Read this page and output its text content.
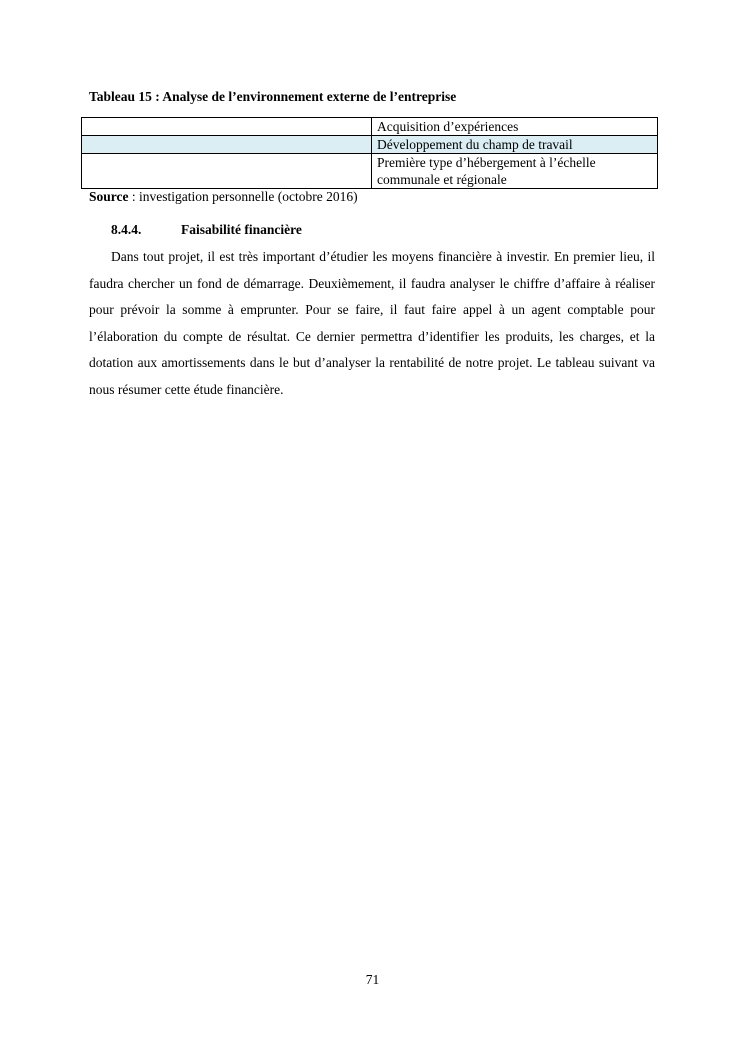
Tableau 15 : Analyse de l’environnement externe de l’entreprise
	Acquisition d’expériences
	Développement du champ de travail
	Première type d’hébergement à l’échelle communale et régionale
Source : investigation personnelle (octobre 2016)
8.4.4.	Faisabilité financière

Dans tout projet, il est très important d’étudier les moyens financière à investir. En premier lieu, il faudra chercher un fond de démarrage. Deuxièmement, il faudra analyser le chiffre d’affaire à réaliser pour prévoir la somme à emprunter. Pour se faire, il faut faire appel à un agent comptable pour l’élaboration du compte de résultat. Ce dernier permettra d’identifier les produits, les charges, et la dotation aux amortissements dans le but d’analyser la rentabilité de notre projet. Le tableau suivant va nous résumer cette étude financière.

71
